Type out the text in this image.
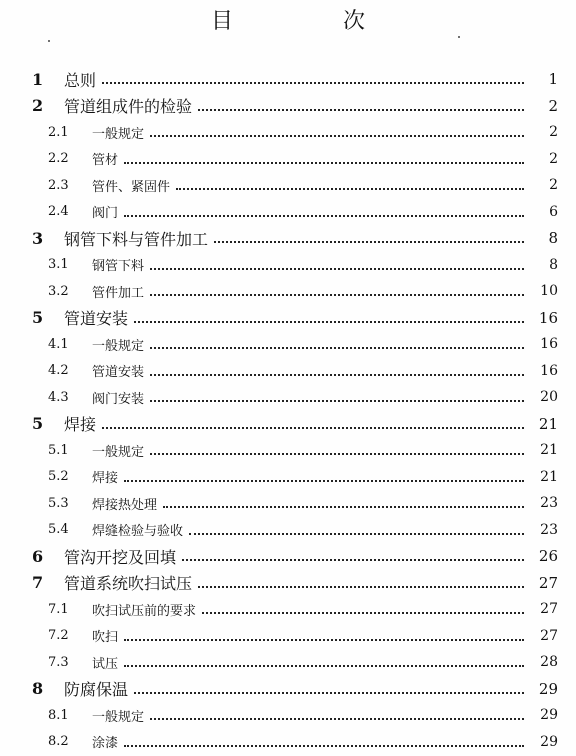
目　次
1	总则	1
2	管道组成件的检验	2
2.1	一般规定	2
2.2	管材	2
2.3	管件、紧固件	2
2.4	阀门	6
3	钢管下料与管件加工	8
3.1	钢管下料	8
3.2	管件加工	10
5	管道安装	16
4.1	一般规定	16
4.2	管道安装	16
4.3	阀门安装	20
5	焊接	21
5.1	一般规定	21
5.2	焊接	21
5.3	焊接热处理	23
5.4	焊缝检验与验收	23
6	管沟开挖及回填	26
7	管道系统吹扫试压	27
7.1	吹扫试压前的要求	27
7.2	吹扫	27
7.3	试压	28
8	防腐保温	29
8.1	一般规定	29
8.2	涂漆	29
